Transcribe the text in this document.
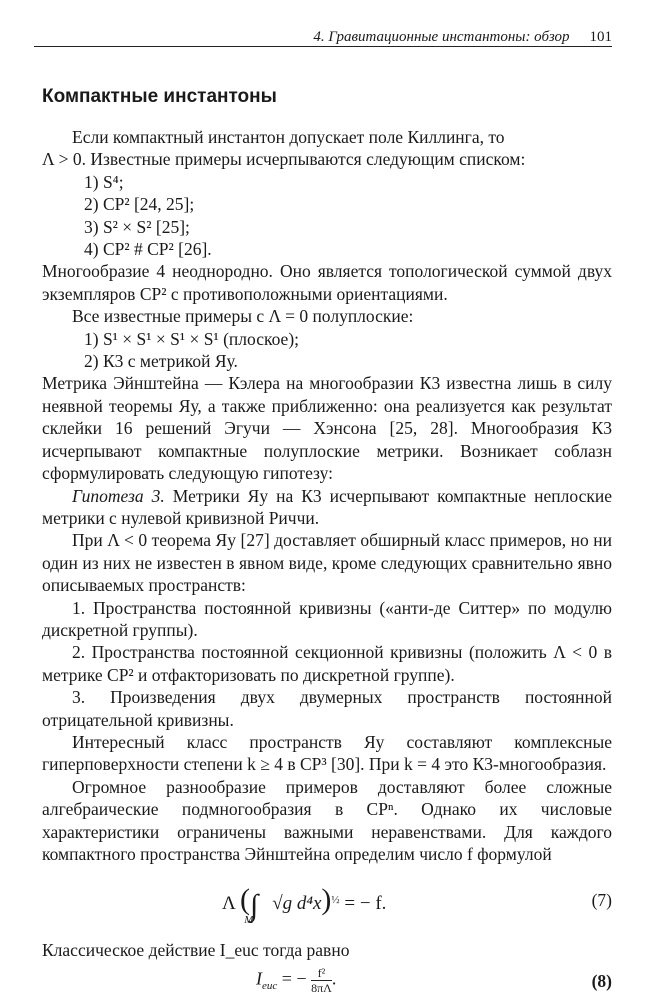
4. Гравитационные инстантоны: обзор 101
Компактные инстантоны

Если компактный инстантон допускает поле Киллинга, то

Λ > 0. Известные примеры исчерпываются следующим списком:

1) S⁴;

2) CP² [24, 25];

3) S² × S² [25];

4) CP² # CP² [26].

Многообразие 4 неоднородно. Оно является топологической суммой двух экземпляров CP² с противоположными ориентациями.

Все известные примеры с Λ = 0 полуплоские:

1) S¹ × S¹ × S¹ × S¹ (плоское);

2) К3 с метрикой Яу.

Метрика Эйнштейна — Кэлера на многообразии К3 известна лишь в силу неявной теоремы Яу, а также приближенно: она реализуется как результат склейки 16 решений Эгучи — Хэнсона [25, 28]. Многообразия К3 исчерпывают компактные полуплоские метрики. Возникает соблазн сформулировать следующую гипотезу:

Гипотеза 3. Метрики Яу на К3 исчерпывают компактные неплоские метрики с нулевой кривизной Риччи.

При Λ < 0 теорема Яу [27] доставляет обширный класс примеров, но ни один из них не известен в явном виде, кроме следующих сравнительно явно описываемых пространств:

1. Пространства постоянной кривизны («анти-де Ситтер» по модулю дискретной группы).

2. Пространства постоянной секционной кривизны (положить Λ < 0 в метрике CP² и отфакторизовать по дискретной группе).

3. Произведения двух двумерных пространств постоянной отрицательной кривизны.

Интересный класс пространств Яу составляют комплексные гиперповерхности степени k ≥ 4 в CP³ [30]. При k = 4 это К3-многообразия.

Огромное разнообразие примеров доставляют более сложные алгебраические подмногообразия в CPⁿ. Однако их числовые характеристики ограничены важными неравенствами. Для каждого компактного пространства Эйнштейна определим число f формулой

Λ ($\int_M$ √g d⁴x)$^{\frac{1}{2}}$ = − f.	(7)

Классическое действие I_euc тогда равно

$I_{euc}$ = − $\frac{\text{f²}}{8\pi\Lambda}$ .	(8)
